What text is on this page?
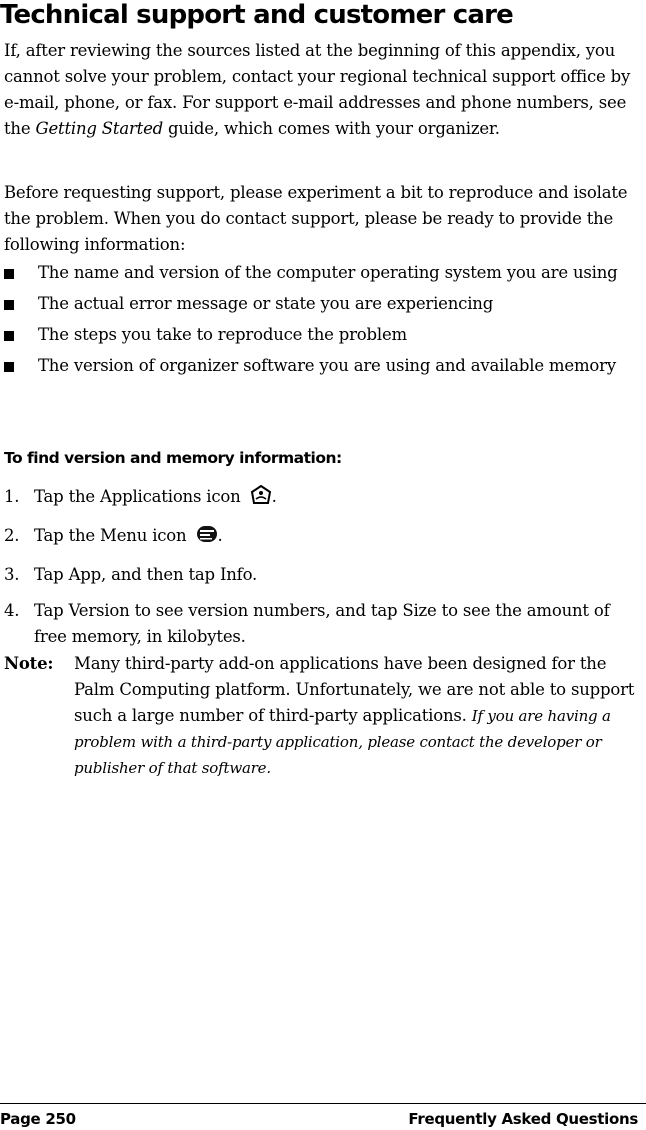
Technical support and customer care

If, after reviewing the sources listed at the beginning of this appendix, you cannot solve your problem, contact your regional technical support office by e-mail, phone, or fax. For support e-mail addresses and phone numbers, see the Getting Started guide, which comes with your organizer.

Before requesting support, please experiment a bit to reproduce and isolate the problem. When you do contact support, please be ready to provide the following information:

The name and version of the computer operating system you are using
The actual error message or state you are experiencing
The steps you take to reproduce the problem
The version of organizer software you are using and available memory
To find version and memory information:
1. Tap the Applications icon .
2. Tap the Menu icon .
3. Tap App, and then tap Info.
4. Tap Version to see version numbers, and tap Size to see the amount of free memory, in kilobytes.
Note: Many third-party add-on applications have been designed for the Palm Computing platform. Unfortunately, we are not able to support such a large number of third-party applications. If you are having a problem with a third-party application, please contact the developer or publisher of that software.
Page 250	Frequently Asked Questions
